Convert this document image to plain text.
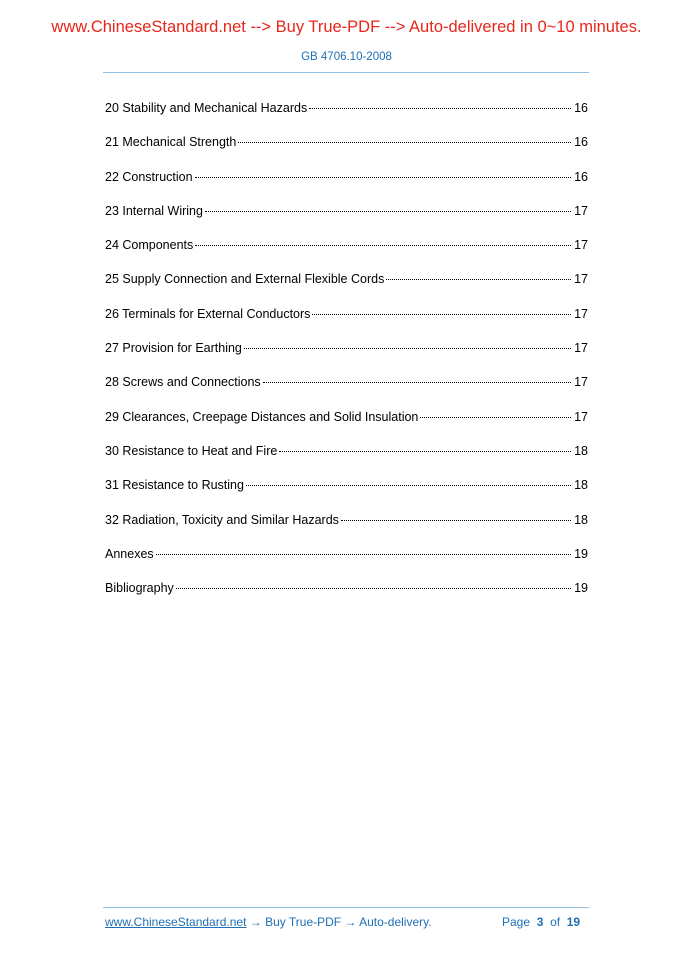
www.ChineseStandard.net --> Buy True-PDF --> Auto-delivered in 0~10 minutes.
GB 4706.10-2008
20 Stability and Mechanical Hazards	16
21 Mechanical Strength	16
22 Construction	16
23 Internal Wiring	17
24 Components	17
25 Supply Connection and External Flexible Cords	17
26 Terminals for External Conductors	17
27 Provision for Earthing	17
28 Screws and Connections	17
29 Clearances, Creepage Distances and Solid Insulation	17
30 Resistance to Heat and Fire	18
31 Resistance to Rusting	18
32 Radiation, Toxicity and Similar Hazards	18
Annexes	19
Bibliography	19
www.ChineseStandard.net → Buy True-PDF → Auto-delivery.	Page 3 of 19
